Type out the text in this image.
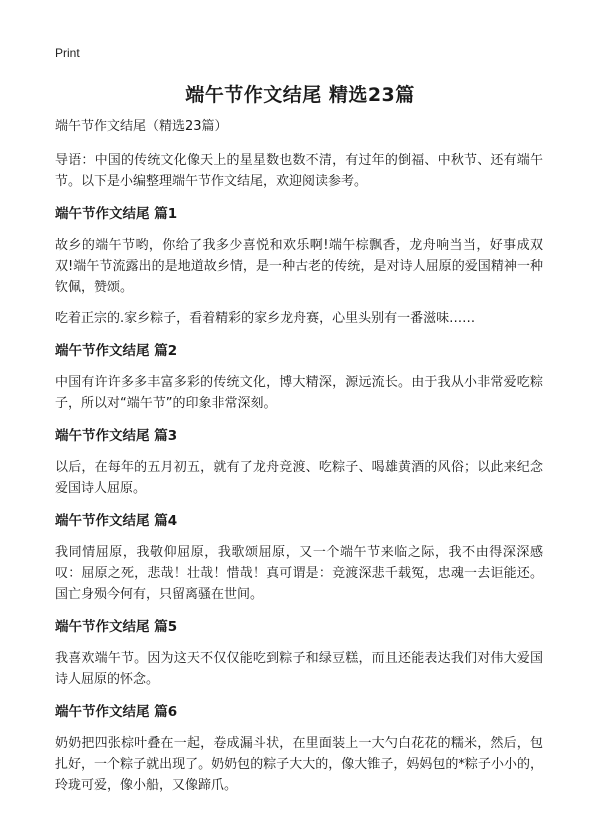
Print
端午节作文结尾 精选23篇
端午节作文结尾（精选23篇）
导语：中国的传统文化像天上的星星数也数不清，有过年的倒福、中秋节、还有端午节。以下是小编整理端午节作文结尾，欢迎阅读参考。
端午节作文结尾 篇1
故乡的端午节哟，你给了我多少喜悦和欢乐啊!端午棕飘香，龙舟响当当，好事成双双!端午节流露出的是地道故乡情，是一种古老的传统，是对诗人屈原的爱国精神一种钦佩，赞颂。
吃着正宗的.家乡粽子，看着精彩的家乡龙舟赛，心里头别有一番滋味……
端午节作文结尾 篇2
中国有许许多多丰富多彩的传统文化，博大精深，源远流长。由于我从小非常爱吃粽子，所以对“端午节”的印象非常深刻。
端午节作文结尾 篇3
以后，在每年的五月初五，就有了龙舟竞渡、吃粽子、喝雄黄酒的风俗；以此来纪念爱国诗人屈原。
端午节作文结尾 篇4
我同情屈原，我敬仰屈原，我歌颂屈原，又一个端午节来临之际，我不由得深深感叹：屈原之死，悲哉！壮哉！惜哉！真可谓是：竞渡深悲千载冤，忠魂一去讵能还。国亡身殒今何有，只留离骚在世间。
端午节作文结尾 篇5
我喜欢端午节。因为这天不仅仅能吃到粽子和绿豆糕，而且还能表达我们对伟大爱国诗人屈原的怀念。
端午节作文结尾 篇6
奶奶把四张棕叶叠在一起，卷成漏斗状，在里面装上一大勺白花花的糯米，然后，包扎好，一个粽子就出现了。奶奶包的粽子大大的，像大锥子，妈妈包的*粽子小小的，玲珑可爱，像小船，又像蹄爪。
